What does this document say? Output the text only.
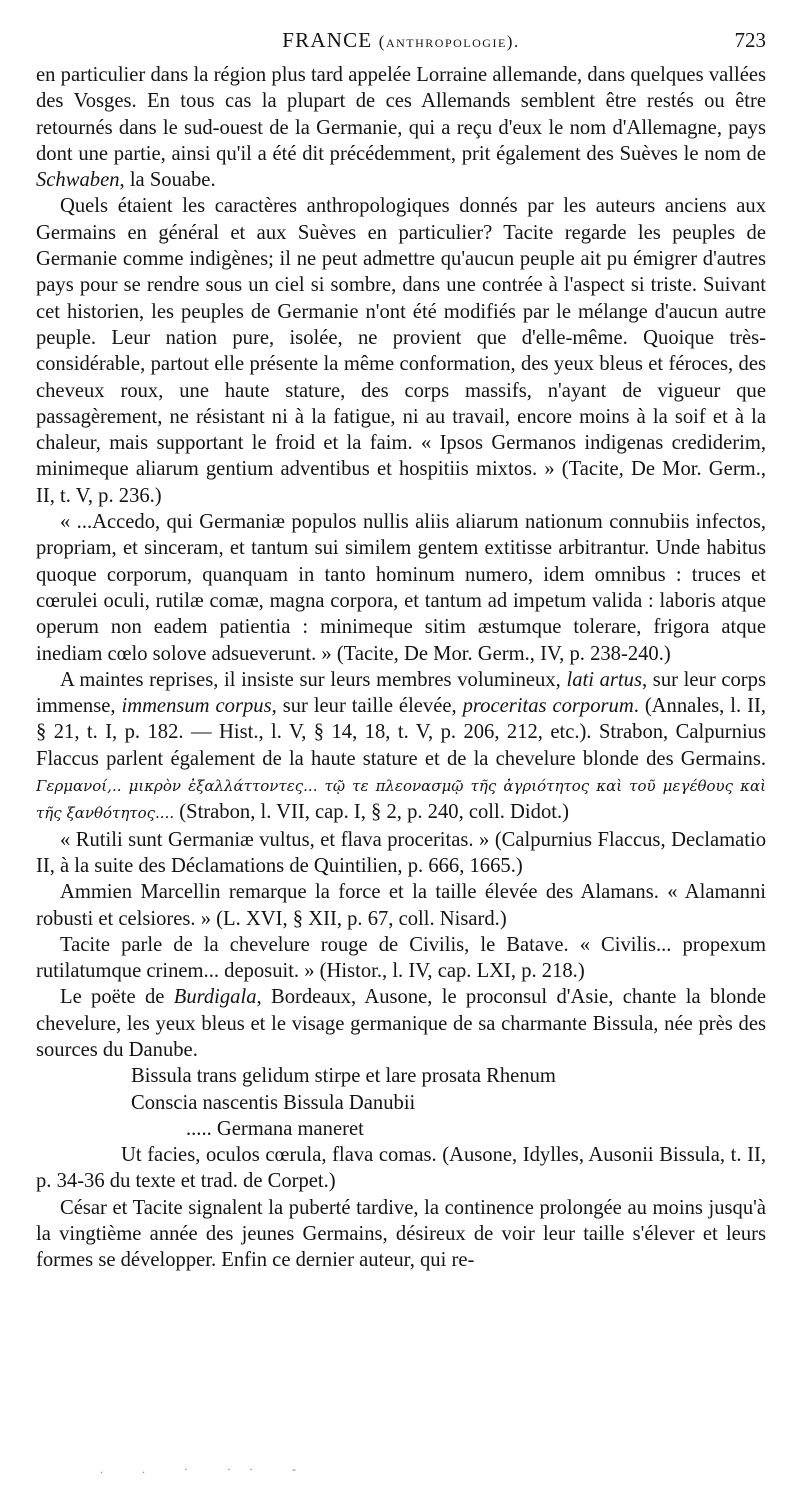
FRANCE (anthropologie).	723

en particulier dans la région plus tard appelée Lorraine allemande, dans quelques vallées des Vosges. En tous cas la plupart de ces Allemands semblent être restés ou être retournés dans le sud-ouest de la Germanie, qui a reçu d'eux le nom d'Allemagne, pays dont une partie, ainsi qu'il a été dit précédemment, prit également des Suèves le nom de Schwaben, la Souabe.

Quels étaient les caractères anthropologiques donnés par les auteurs anciens aux Germains en général et aux Suèves en particulier? Tacite regarde les peuples de Germanie comme indigènes; il ne peut admettre qu'aucun peuple ait pu émigrer d'autres pays pour se rendre sous un ciel si sombre, dans une contrée à l'aspect si triste. Suivant cet historien, les peuples de Germanie n'ont été modifiés par le mélange d'aucun autre peuple. Leur nation pure, isolée, ne provient que d'elle-même. Quoique très-considérable, partout elle présente la même conformation, des yeux bleus et féroces, des cheveux roux, une haute stature, des corps massifs, n'ayant de vigueur que passagèrement, ne résistant ni à la fatigue, ni au travail, encore moins à la soif et à la chaleur, mais supportant le froid et la faim. « Ipsos Germanos indigenas crediderim, minimeque aliarum gentium adventibus et hospitiis mixtos. » (Tacite, De Mor. Germ., II, t. V, p. 236.)

« ...Accedo, qui Germaniæ populos nullis aliis aliarum nationum connubiis infectos, propriam, et sinceram, et tantum sui similem gentem extitisse arbitrantur. Unde habitus quoque corporum, quanquam in tanto hominum numero, idem omnibus : truces et cœrulei oculi, rutilæ comæ, magna corpora, et tantum ad impetum valida : laboris atque operum non eadem patientia : minimeque sitim æstumque tolerare, frigora atque inediam cœlo solove adsueverunt. » (Tacite, De Mor. Germ., IV, p. 238-240.)

A maintes reprises, il insiste sur leurs membres volumineux, lati artus, sur leur corps immense, immensum corpus, sur leur taille élevée, proceritas corporum. (Annales, l. II, § 21, t. I, p. 182. — Hist., l. V, § 14, 18, t. V, p. 206, 212, etc.). Strabon, Calpurnius Flaccus parlent également de la haute stature et de la chevelure blonde des Germains. Γερμανοί,.. μικρὸν ἐξαλλάττοντες... τῷ τε πλεονασμῷ τῆς ἀγριότητος καὶ τοῦ μεγέθους καὶ τῆς ξανθότητος.... (Strabon, l. VII, cap. I, § 2, p. 240, coll. Didot.)

« Rutili sunt Germaniæ vultus, et flava proceritas. » (Calpurnius Flaccus, Declamatio II, à la suite des Déclamations de Quintilien, p. 666, 1665.)

Ammien Marcellin remarque la force et la taille élevée des Alamans. « Alamanni robusti et celsiores. » (L. XVI, § XII, p. 67, coll. Nisard.)

Tacite parle de la chevelure rouge de Civilis, le Batave. « Civilis... propexum rutilatumque crinem... deposuit. » (Histor., l. IV, cap. LXI, p. 218.)

Le poëte de Burdigala, Bordeaux, Ausone, le proconsul d'Asie, chante la blonde chevelure, les yeux bleus et le visage germanique de sa charmante Bissula, née près des sources du Danube.

Bissula trans gelidum stirpe et lare prosata Rhenum

Conscia nascentis Bissula Danubii

..... Germana maneret

Ut facies, oculos cœrula, flava comas. (Ausone, Idylles, Ausonii Bissula, t. II, p. 34-36 du texte et trad. de Corpet.)

César et Tacite signalent la puberté tardive, la continence prolongée au moins jusqu'à la vingtième année des jeunes Germains, désireux de voir leur taille s'élever et leurs formes se développer. Enfin ce dernier auteur, qui re-

. . · ·· -
